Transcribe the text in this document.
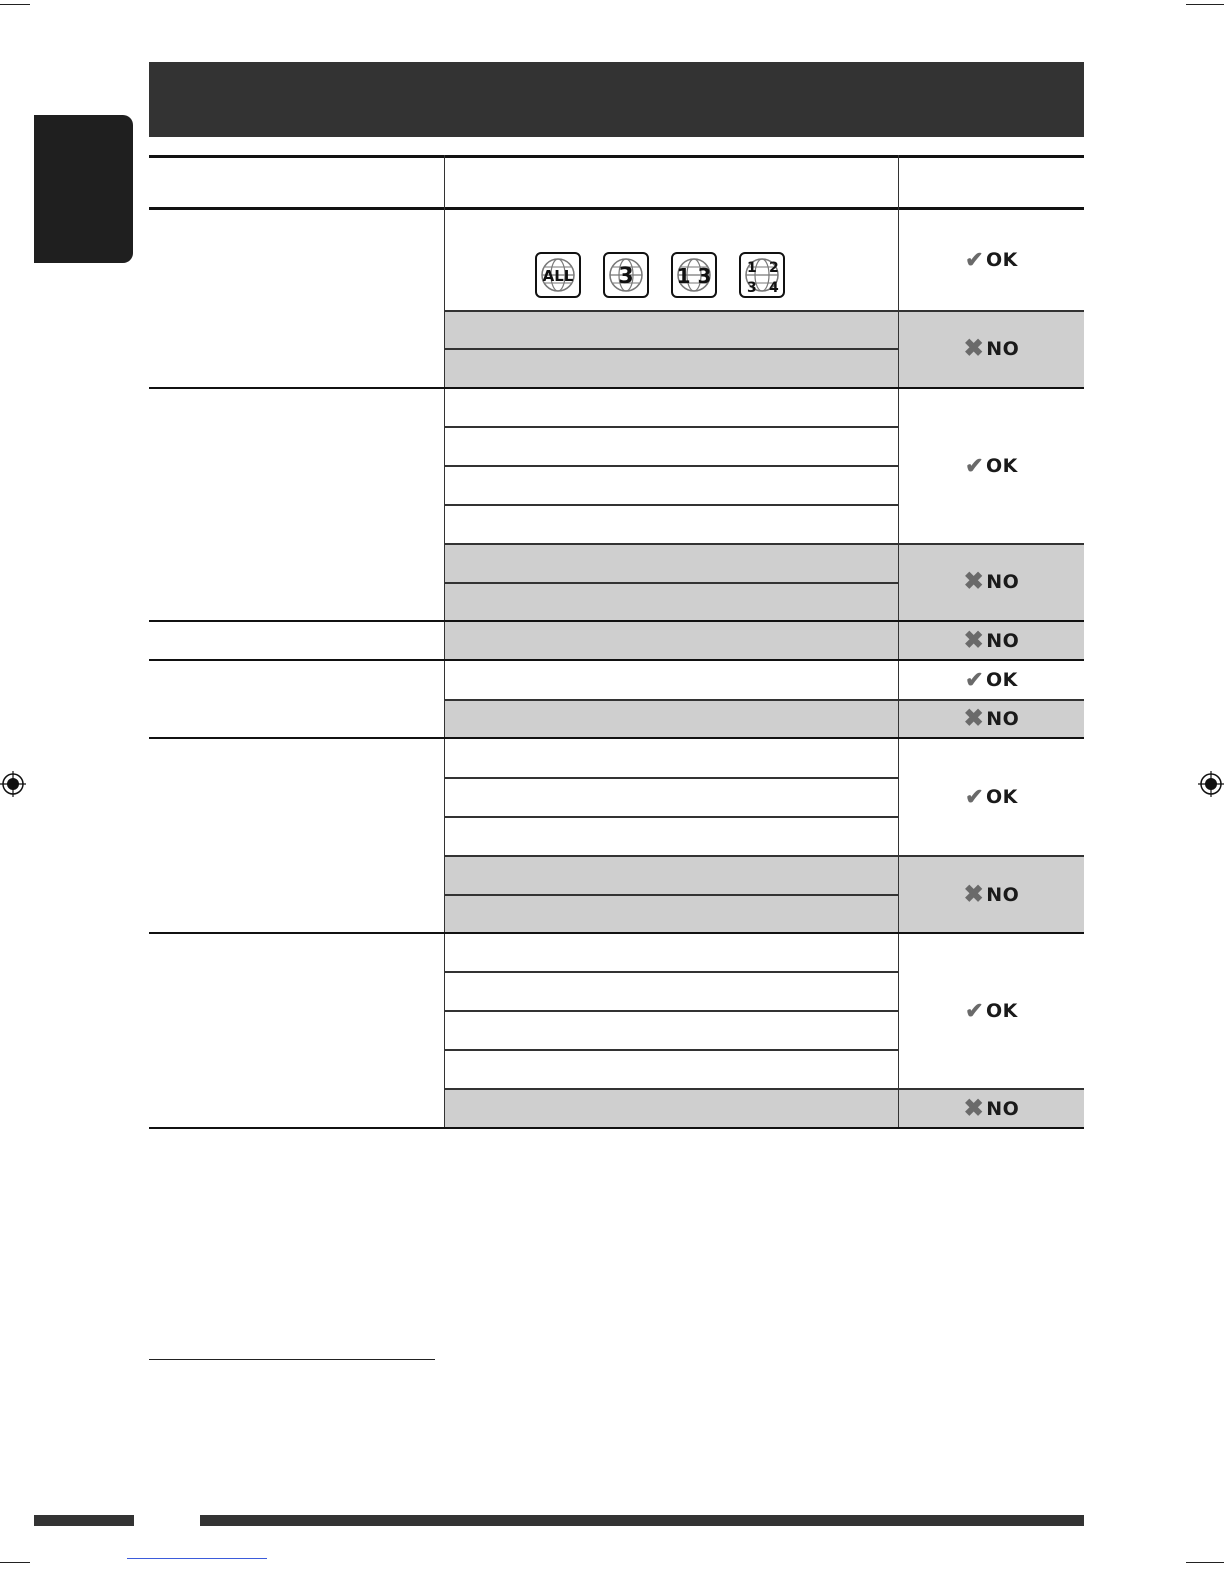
ALL 3 1 3	1 2
3 4
✔ OK
✖ NO
✔ OK
✖ NO
✖ NO
✔ OK
✖ NO
✔ OK
✖ NO
✔ OK
✖ NO
